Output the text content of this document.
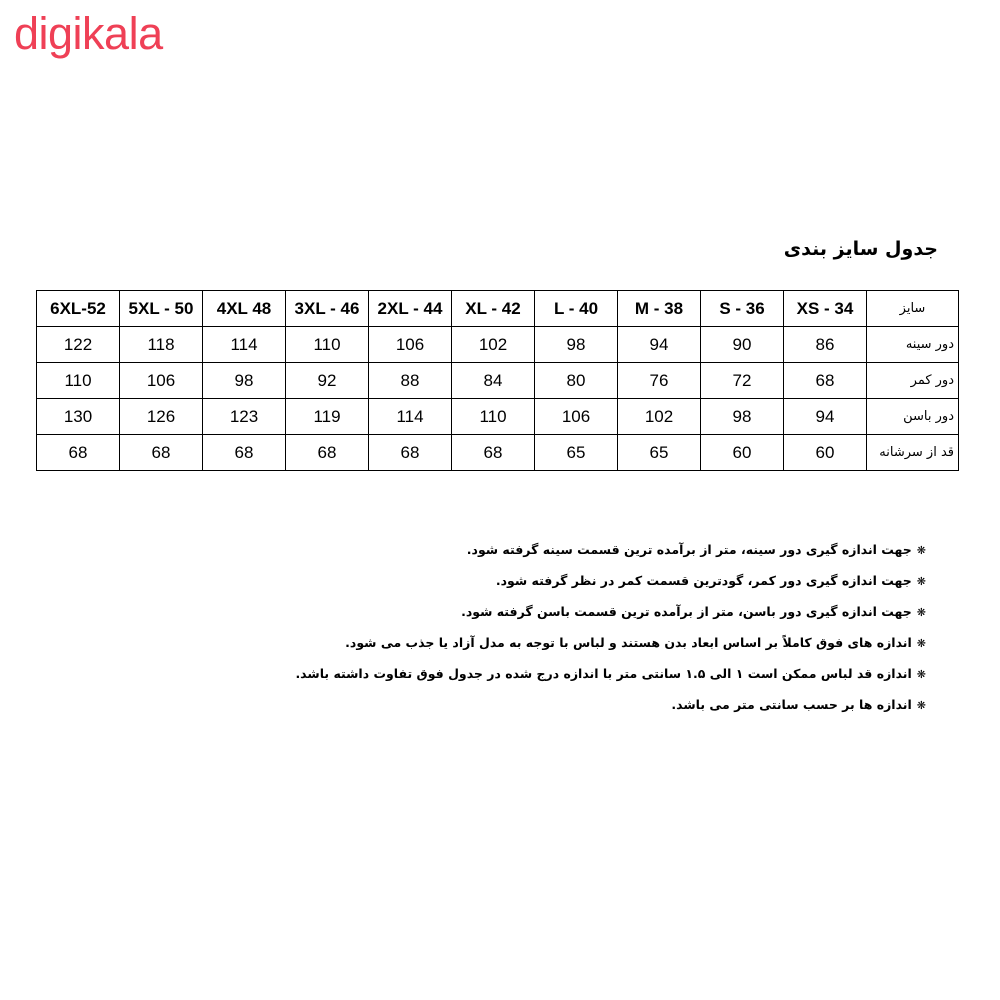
digikala
جدول سایز بندی
6XL-52	5XL - 50	4XL 48	3XL - 46	2XL - 44	XL - 42	L - 40	M - 38	S - 36	XS - 34	سایز
122	118	114	110	106	102	98	94	90	86	دور سینه
110	106	98	92	88	84	80	76	72	68	دور کمر
130	126	123	119	114	110	106	102	98	94	دور باسن
68	68	68	68	68	68	65	65	60	60	قد از سرشانه
❋جهت اندازه گیری دور سینه، متر از برآمده ترین قسمت سینه گرفته شود.
❋جهت اندازه گیری دور کمر، گودترین قسمت کمر در نظر گرفته شود.
❋جهت اندازه گیری دور باسن، متر از برآمده ترین قسمت باسن گرفته شود.
❋اندازه های فوق کاملاً بر اساس ابعاد بدن هستند و لباس با توجه به مدل آزاد یا جذب می شود.
❋اندازه قد لباس ممکن است ۱ الی ۱.۵ سانتی متر با اندازه درج شده در جدول فوق تفاوت داشته باشد.
❋اندازه ها بر حسب سانتی متر می باشد.
